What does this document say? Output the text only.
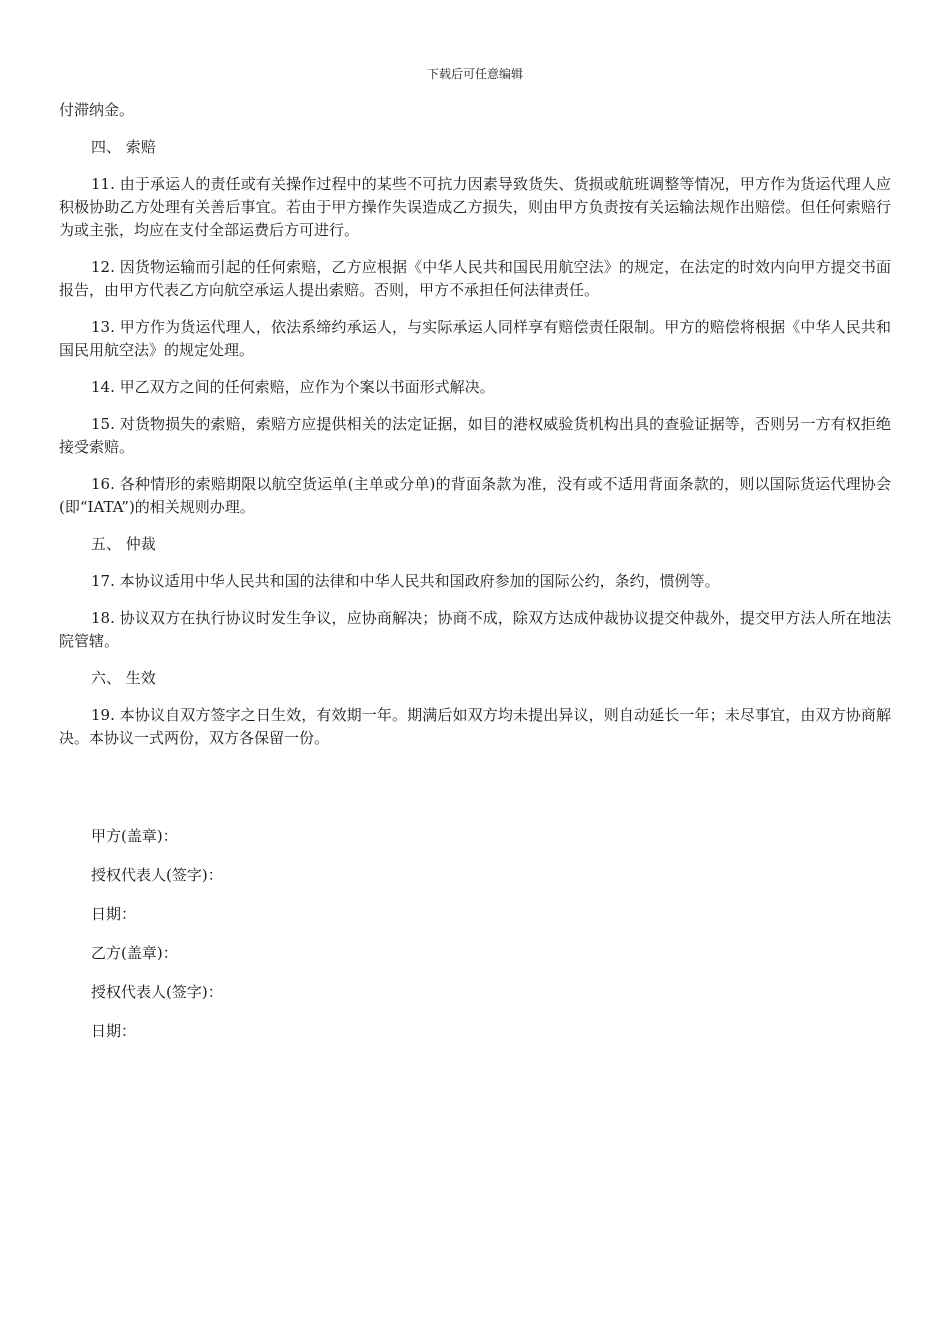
下载后可任意编辑

付滞纳金。

四、 索赔

11. 由于承运人的责任或有关操作过程中的某些不可抗力因素导致货失、货损或航班调整等情况，甲方作为货运代理人应积极协助乙方处理有关善后事宜。若由于甲方操作失误造成乙方损失，则由甲方负责按有关运输法规作出赔偿。但任何索赔行为或主张，均应在支付全部运费后方可进行。

12. 因货物运输而引起的任何索赔，乙方应根据《中华人民共和国民用航空法》的规定，在法定的时效内向甲方提交书面报告，由甲方代表乙方向航空承运人提出索赔。否则，甲方不承担任何法律责任。

13. 甲方作为货运代理人，依法系缔约承运人，与实际承运人同样享有赔偿责任限制。甲方的赔偿将根据《中华人民共和国民用航空法》的规定处理。

14. 甲乙双方之间的任何索赔，应作为个案以书面形式解决。

15. 对货物损失的索赔，索赔方应提供相关的法定证据，如目的港权威验货机构出具的查验证据等，否则另一方有权拒绝接受索赔。

16. 各种情形的索赔期限以航空货运单(主单或分单)的背面条款为准，没有或不适用背面条款的，则以国际货运代理协会(即“IATA”)的相关规则办理。

五、 仲裁

17. 本协议适用中华人民共和国的法律和中华人民共和国政府参加的国际公约，条约，惯例等。

18. 协议双方在执行协议时发生争议，应协商解决；协商不成，除双方达成仲裁协议提交仲裁外，提交甲方法人所在地法院管辖。

六、 生效

19. 本协议自双方签字之日生效，有效期一年。期满后如双方均未提出异议，则自动延长一年；未尽事宜，由双方协商解决。本协议一式两份，双方各保留一份。

甲方(盖章)：
授权代表人(签字)：
日期：
乙方(盖章)：
授权代表人(签字)：
日期：
